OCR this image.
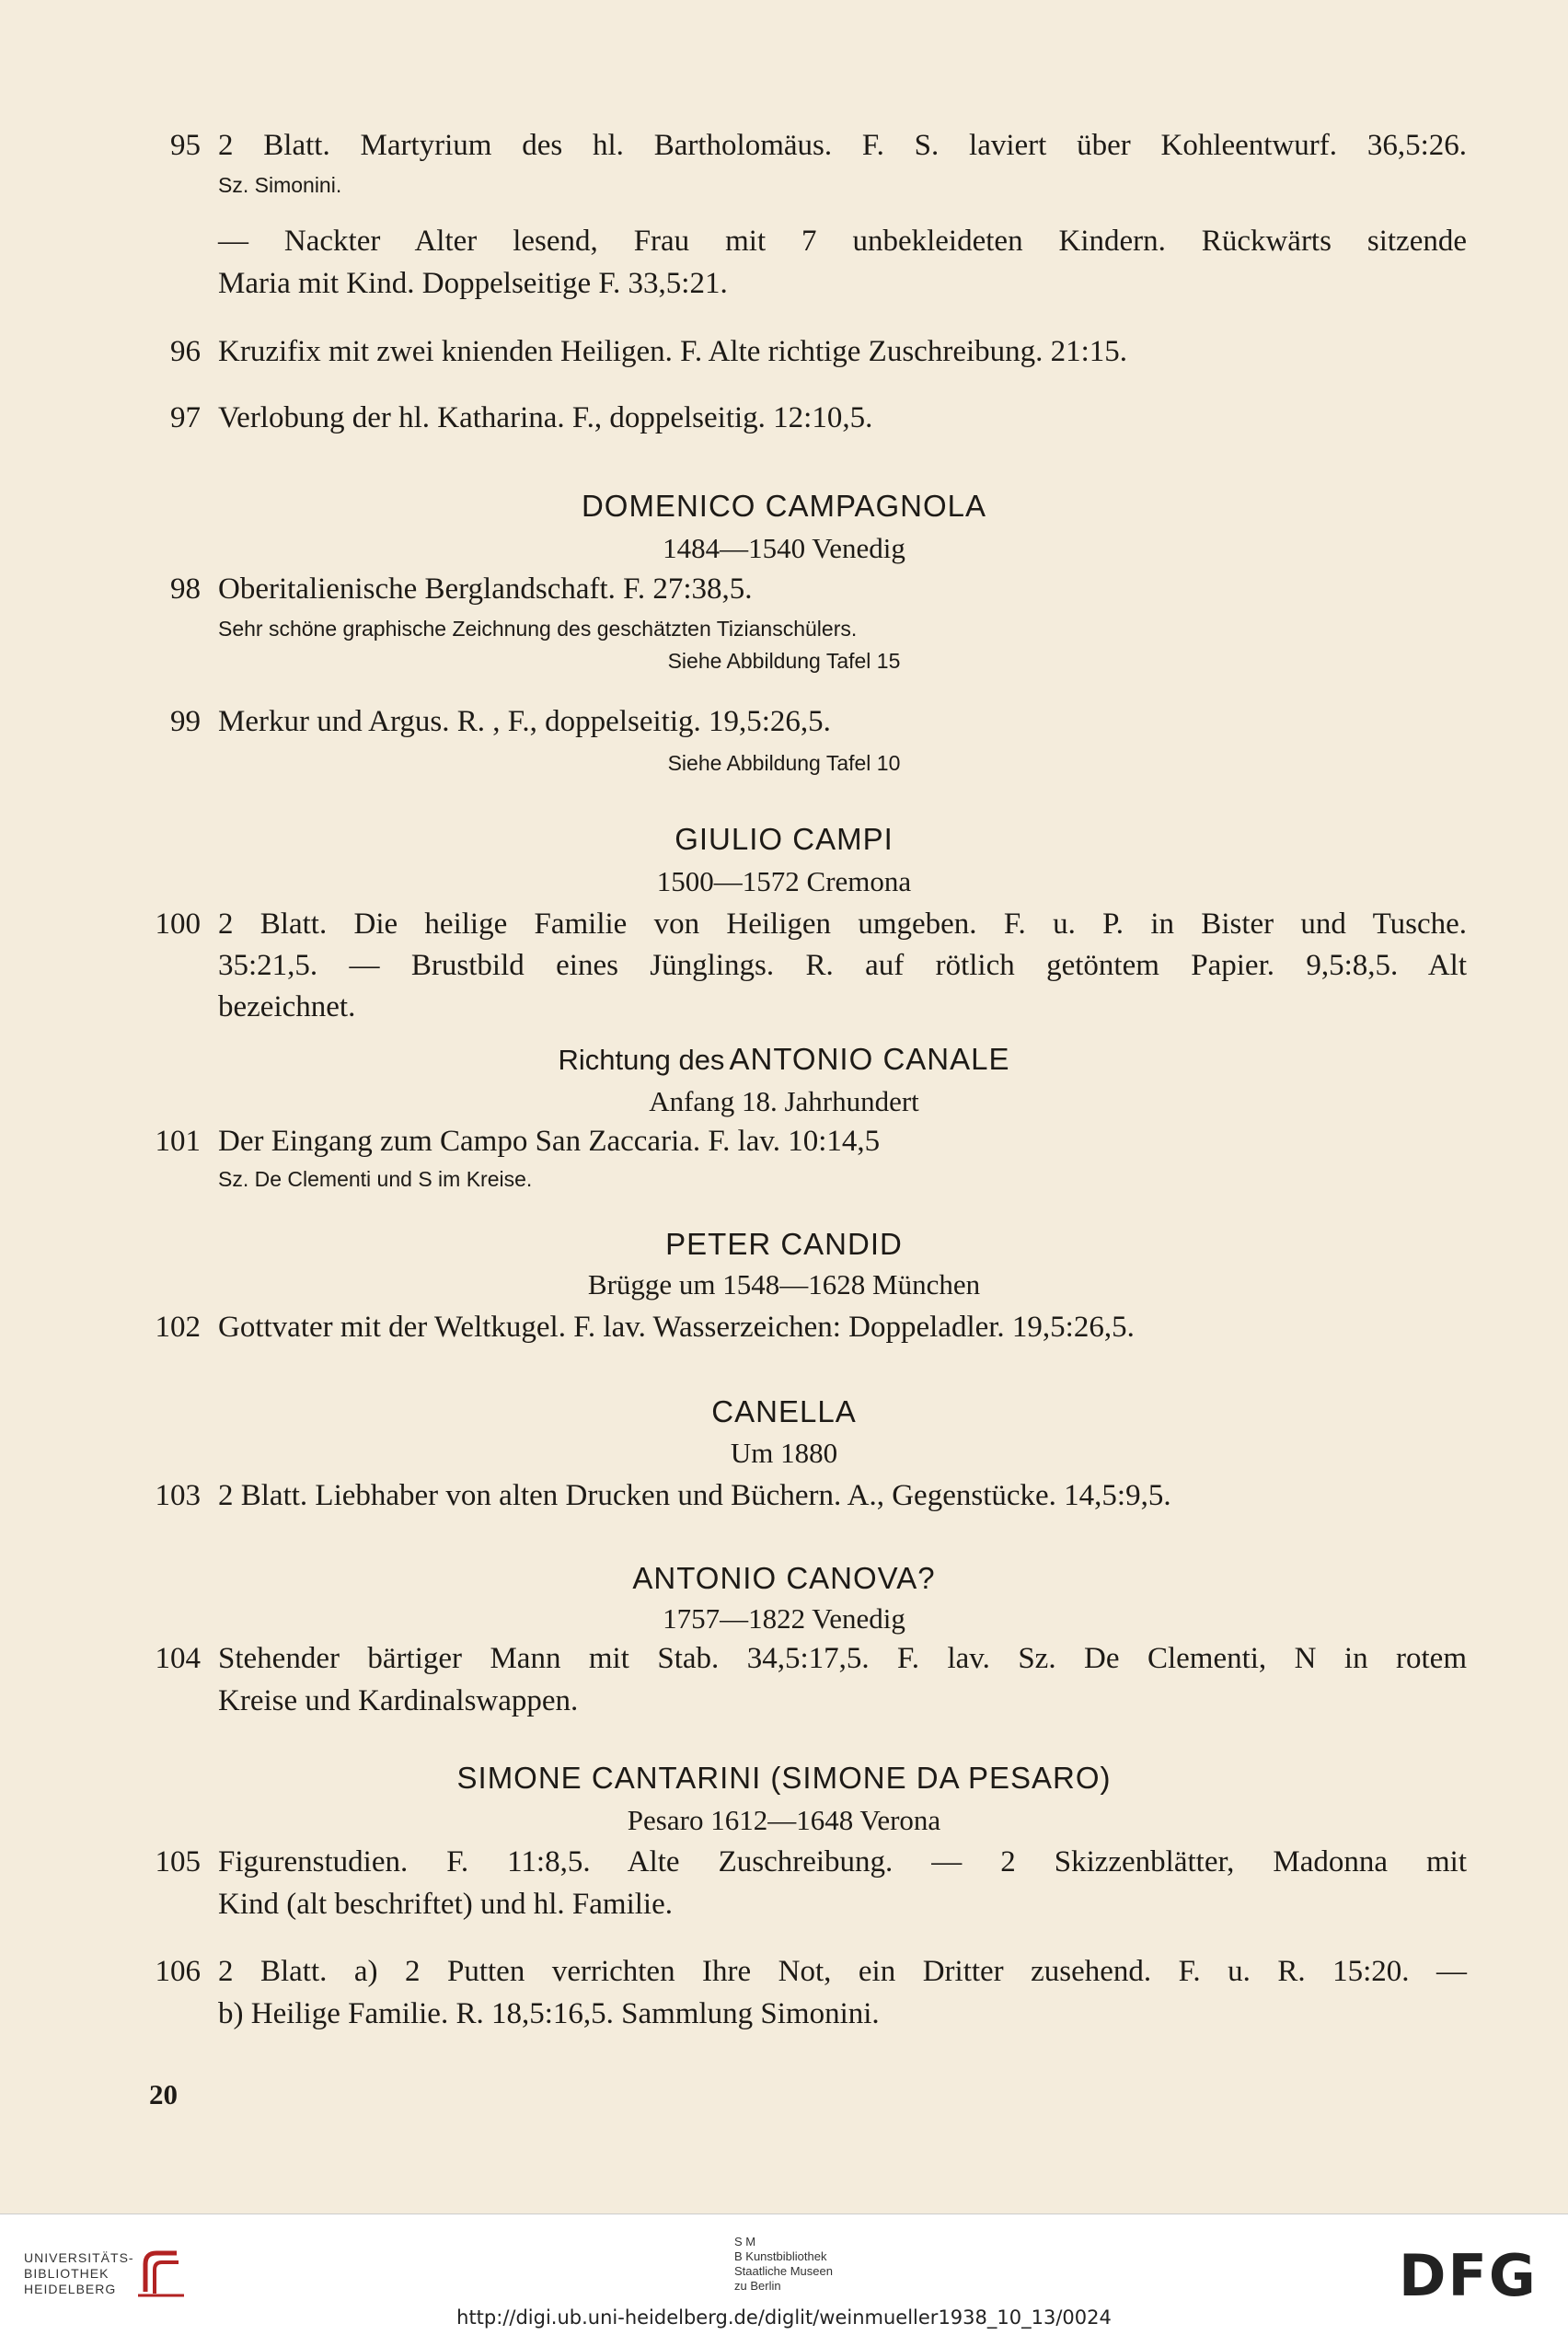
95 2 Blatt. Martyrium des hl. Bartholomäus. F. S. laviert über Kohleentwurf. 36,5:26.
Sz. Simonini.
— Nackter Alter lesend, Frau mit 7 unbekleideten Kindern. Rückwärts sitzende
Maria mit Kind. Doppelseitige F. 33,5:21.
96 Kruzifix mit zwei knienden Heiligen. F. Alte richtige Zuschreibung. 21:15.
97 Verlobung der hl. Katharina. F., doppelseitig. 12:10,5.
DOMENICO CAMPAGNOLA
1484—1540 Venedig
98 Oberitalienische Berglandschaft. F. 27:38,5.
Sehr schöne graphische Zeichnung des geschätzten Tizianschülers.
Siehe Abbildung Tafel 15
99 Merkur und Argus. R. , F., doppelseitig. 19,5:26,5.
Siehe Abbildung Tafel 10
GIULIO CAMPI
1500—1572 Cremona
100 2 Blatt. Die heilige Familie von Heiligen umgeben. F. u. P. in Bister und Tusche.
35:21,5. — Brustbild eines Jünglings. R. auf rötlich getöntem Papier. 9,5:8,5. Alt
bezeichnet.
Richtung des ANTONIO CANALE
Anfang 18. Jahrhundert
101 Der Eingang zum Campo San Zaccaria. F. lav. 10:14,5
Sz. De Clementi und S im Kreise.
PETER CANDID
Brügge um 1548—1628 München
102 Gottvater mit der Weltkugel. F. lav. Wasserzeichen: Doppeladler. 19,5:26,5.
CANELLA
Um 1880
103 2 Blatt. Liebhaber von alten Drucken und Büchern. A., Gegenstücke. 14,5:9,5.
ANTONIO CANOVA?
1757—1822 Venedig
104 Stehender bärtiger Mann mit Stab. 34,5:17,5. F. lav. Sz. De Clementi, N in rotem
Kreise und Kardinalswappen.
SIMONE CANTARINI (SIMONE DA PESARO)
Pesaro 1612—1648 Verona
105 Figurenstudien. F. 11:8,5. Alte Zuschreibung. — 2 Skizzenblätter, Madonna mit
Kind (alt beschriftet) und hl. Familie.
106 2 Blatt. a) 2 Putten verrichten Ihre Not, ein Dritter zusehend. F. u. R. 15:20. —
b) Heilige Familie. R. 18,5:16,5. Sammlung Simonini.
20
UNIVERSITÄTS-
BIBLIOTHEK
HEIDELBERG
S M
B Kunstbibliothek
Staatliche Museen
zu Berlin	DFG
http://digi.ub.uni-heidelberg.de/diglit/weinmueller1938_10_13/0024
